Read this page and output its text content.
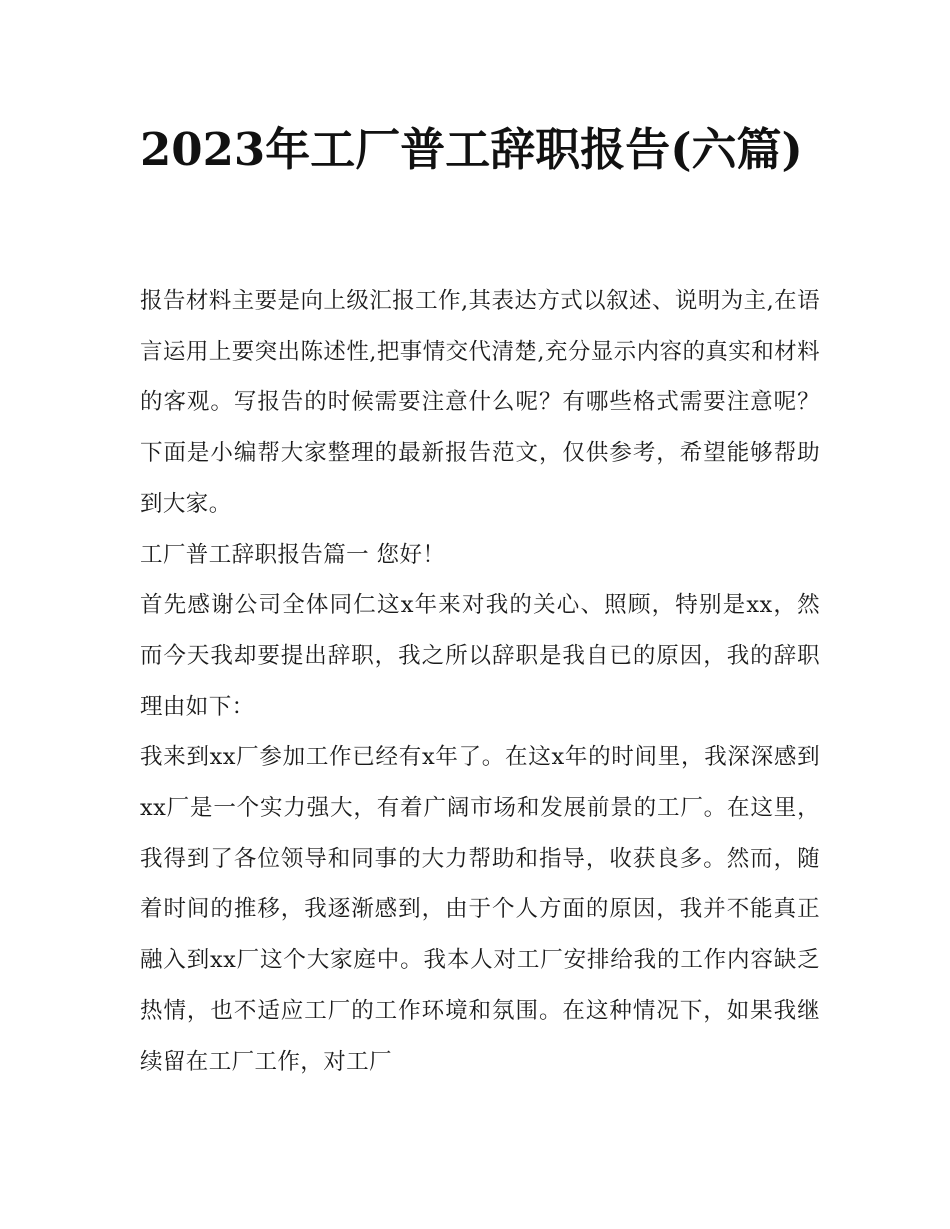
2023年工厂普工辞职报告(六篇)

报告材料主要是向上级汇报工作,其表达方式以叙述、说明为主,在语言运用上要突出陈述性,把事情交代清楚,充分显示内容的真实和材料的客观。写报告的时候需要注意什么呢？有哪些格式需要注意呢？下面是小编帮大家整理的最新报告范文，仅供参考，希望能够帮助到大家。

工厂普工辞职报告篇一 您好！

首先感谢公司全体同仁这x年来对我的关心、照顾，特别是xx，然而今天我却要提出辞职，我之所以辞职是我自已的原因，我的辞职理由如下：

我来到xx厂参加工作已经有x年了。在这x年的时间里，我深深感到xx厂是一个实力强大，有着广阔市场和发展前景的工厂。在这里，我得到了各位领导和同事的大力帮助和指导，收获良多。然而，随着时间的推移，我逐渐感到，由于个人方面的原因，我并不能真正融入到xx厂这个大家庭中。我本人对工厂安排给我的工作内容缺乏热情，也不适应工厂的工作环境和氛围。在这种情况下，如果我继续留在工厂工作，对工厂
